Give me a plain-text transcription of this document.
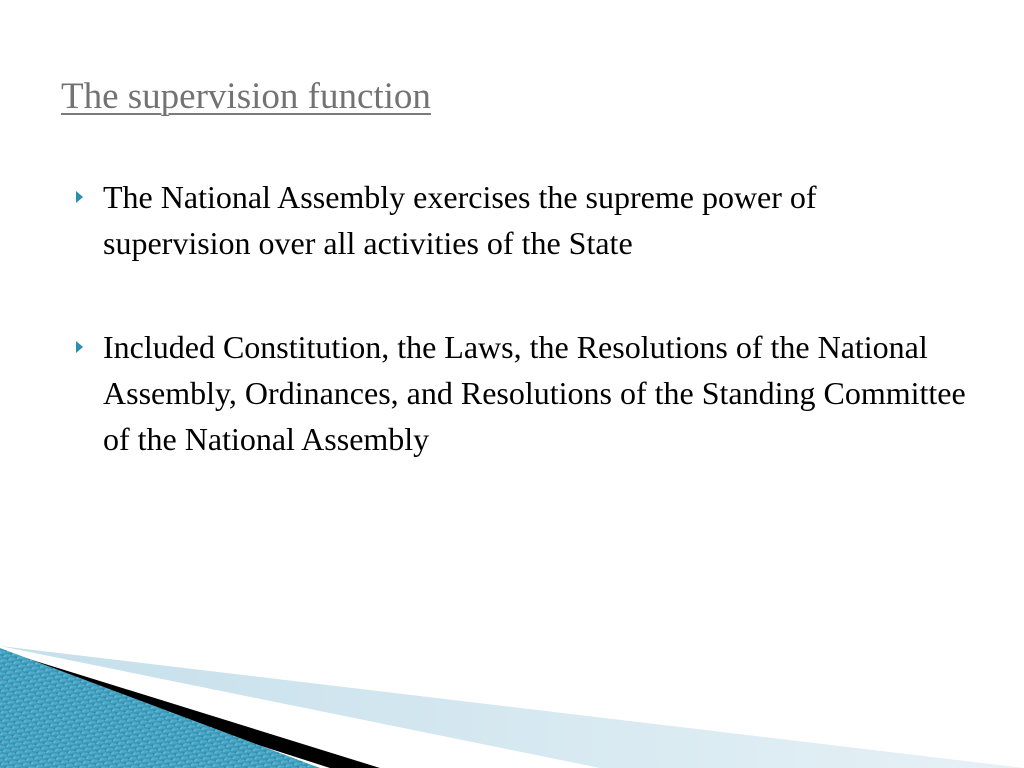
The supervision function
The National Assembly exercises the supreme power of supervision over all activities of the State
Included Constitution, the Laws, the Resolutions of the National Assembly, Ordinances, and Resolutions of the Standing Committee of the National Assembly
